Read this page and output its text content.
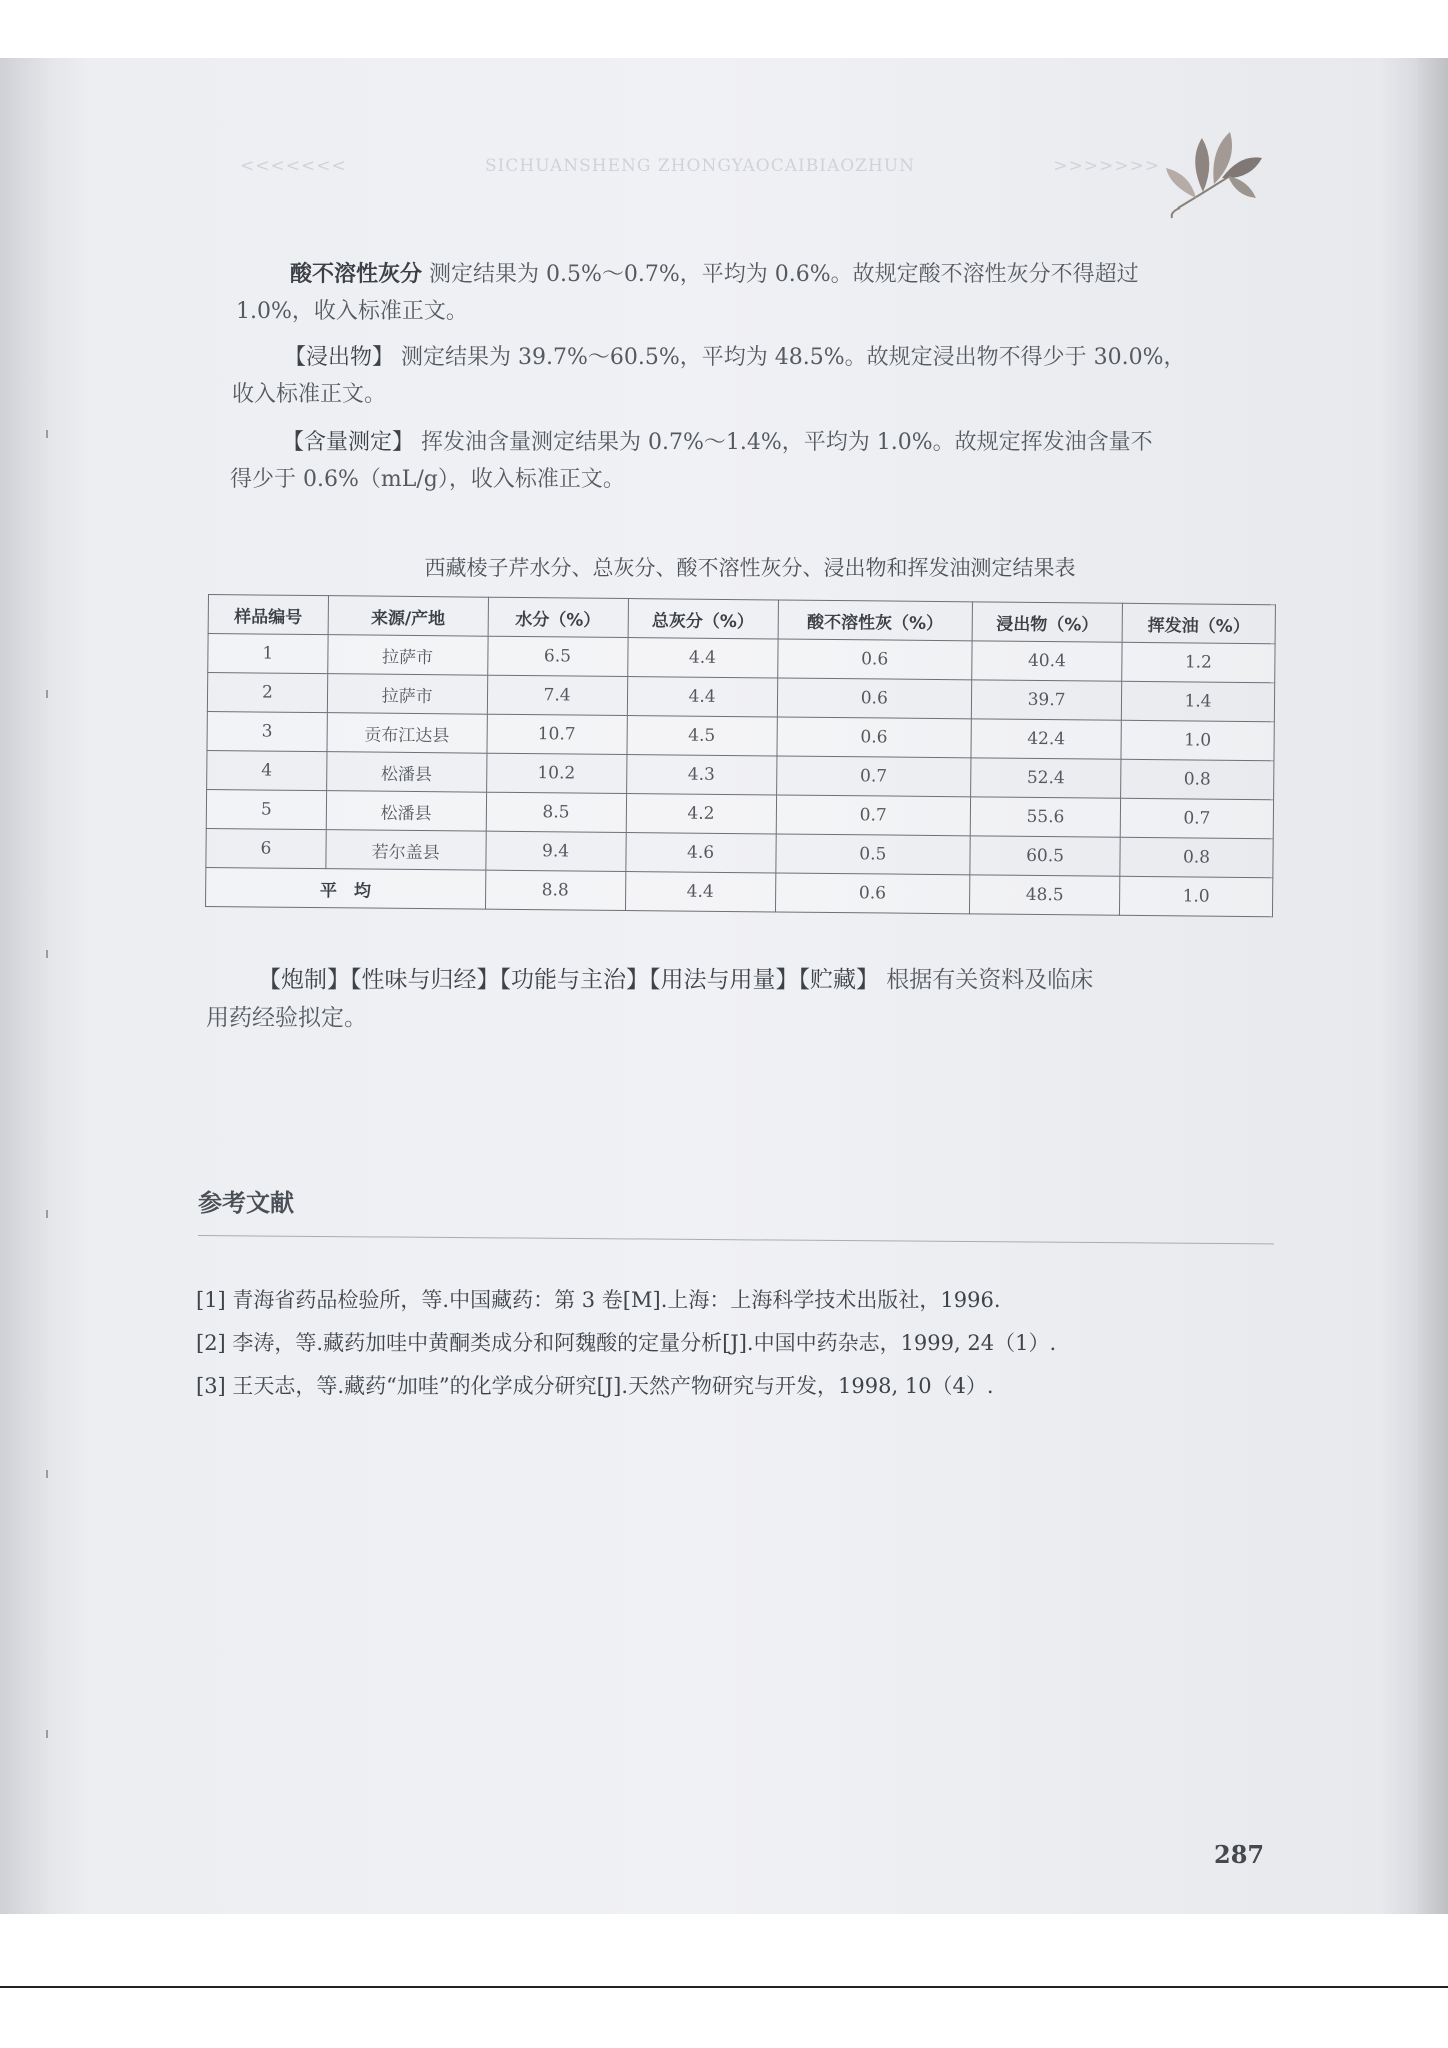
<<<<<<<	SICHUANSHENG ZHONGYAOCAIBIAOZHUN	>>>>>>>
酸不溶性灰分 测定结果为 0.5%～0.7%，平均为 0.6%。故规定酸不溶性灰分不得超过
1.0%，收入标准正文。
【浸出物】 测定结果为 39.7%～60.5%，平均为 48.5%。故规定浸出物不得少于 30.0%，
收入标准正文。
【含量测定】 挥发油含量测定结果为 0.7%～1.4%，平均为 1.0%。故规定挥发油含量不
得少于 0.6%（mL/g），收入标准正文。
西藏棱子芹水分、总灰分、酸不溶性灰分、浸出物和挥发油测定结果表
样品编号	来源/产地	水分（%）	总灰分（%）	酸不溶性灰（%）	浸出物（%）	挥发油（%）
1	拉萨市	6.5	4.4	0.6	40.4	1.2
2	拉萨市	7.4	4.4	0.6	39.7	1.4
3	贡布江达县	10.7	4.5	0.6	42.4	1.0
4	松潘县	10.2	4.3	0.7	52.4	0.8
5	松潘县	8.5	4.2	0.7	55.6	0.7
6	若尔盖县	9.4	4.6	0.5	60.5	0.8
平　均		8.8	4.4	0.6	48.5	1.0
【炮制】【性味与归经】【功能与主治】【用法与用量】【贮藏】 根据有关资料及临床
用药经验拟定。
参考文献
[1] 青海省药品检验所，等.中国藏药：第 3 卷[M].上海：上海科学技术出版社，1996.
[2] 李涛，等.藏药加哇中黄酮类成分和阿魏酸的定量分析[J].中国中药杂志，1999, 24（1）.
[3] 王天志，等.藏药“加哇”的化学成分研究[J].天然产物研究与开发，1998, 10（4）.
287
